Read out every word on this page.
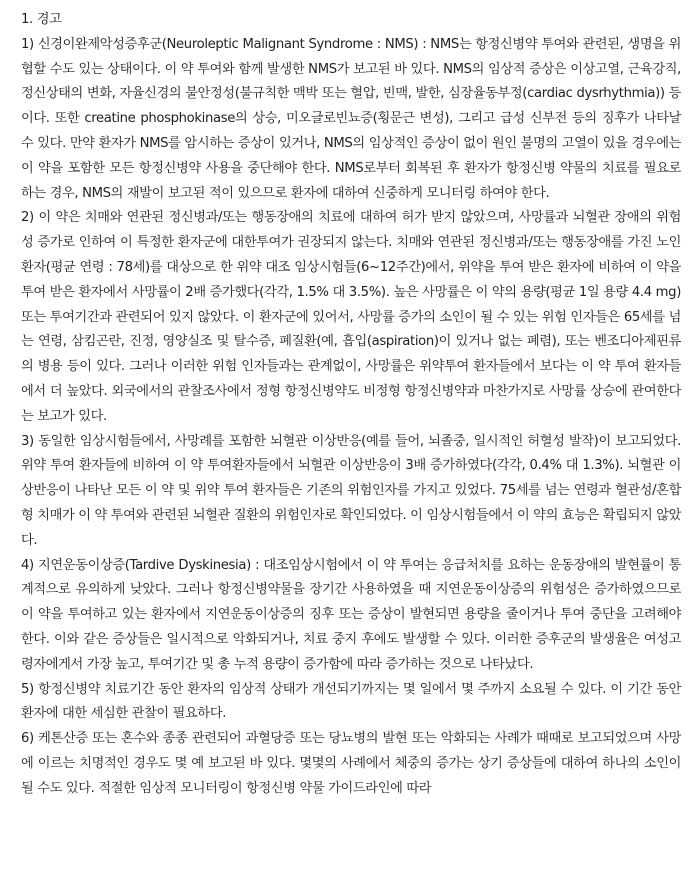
1. 경고

1) 신경이완제악성증후군(Neuroleptic Malignant Syndrome : NMS) : NMS는 항정신병약 투여와 관련된, 생명을 위협할 수도 있는 상태이다. 이 약 투여와 함께 발생한 NMS가 보고된 바 있다. NMS의 임상적 증상은 이상고열, 근육강직, 정신상태의 변화, 자율신경의 불안정성(불규칙한 맥박 또는 혈압, 빈맥, 발한, 심장율동부정(cardiac dysrhythmia)) 등이다. 또한 creatine phosphokinase의 상승, 미오글로빈뇨증(횡문근 변성), 그리고 급성 신부전 등의 징후가 나타날 수 있다. 만약 환자가 NMS를 암시하는 증상이 있거나, NMS의 임상적인 증상이 없이 원인 불명의 고열이 있을 경우에는 이 약을 포함한 모든 항정신병약 사용을 중단해야 한다. NMS로부터 회복된 후 환자가 항정신병 약물의 치료를 필요로 하는 경우, NMS의 재발이 보고된 적이 있으므로 환자에 대하여 신중하게 모니터링 하여야 한다.

2) 이 약은 치매와 연관된 정신병과/또는 행동장애의 치료에 대하여 허가 받지 않았으며, 사망률과 뇌혈관 장애의 위험성 증가로 인하여 이 특정한 환자군에 대한투여가 권장되지 않는다. 치매와 연관된 정신병과/또는 행동장애를 가진 노인 환자(평균 연령 : 78세)를 대상으로 한 위약 대조 임상시험들(6~12주간)에서, 위약을 투여 받은 환자에 비하여 이 약을 투여 받은 환자에서 사망률이 2배 증가했다(각각, 1.5% 대 3.5%). 높은 사망률은 이 약의 용량(평균 1일 용량 4.4 mg) 또는 투여기간과 관련되어 있지 않았다. 이 환자군에 있어서, 사망률 증가의 소인이 될 수 있는 위험 인자들은 65세를 넘는 연령, 삼킴곤란, 진정, 영양실조 및 탈수증, 폐질환(예, 흡입(aspiration)이 있거나 없는 폐렴), 또는 벤조디아제핀류의 병용 등이 있다. 그러나 이러한 위험 인자들과는 관계없이, 사망률은 위약투여 환자들에서 보다는 이 약 투여 환자들에서 더 높았다. 외국에서의 관찰조사에서 정형 항정신병약도 비정형 항정신병약과 마찬가지로 사망률 상승에 관여한다는 보고가 있다.

3) 동일한 임상시험들에서, 사망례를 포함한 뇌혈관 이상반응(예를 들어, 뇌졸중, 일시적인 허혈성 발작)이 보고되었다. 위약 투여 환자들에 비하여 이 약 투여환자들에서 뇌혈관 이상반응이 3배 증가하였다(각각, 0.4% 대 1.3%). 뇌혈관 이상반응이 나타난 모든 이 약 및 위약 투여 환자들은 기존의 위험인자를 가지고 있었다. 75세를 넘는 연령과 혈관성/혼합형 치매가 이 약 투여와 관련된 뇌혈관 질환의 위험인자로 확인되었다. 이 임상시험들에서 이 약의 효능은 확립되지 않았다.

4) 지연운동이상증(Tardive Dyskinesia) : 대조임상시험에서 이 약 투여는 응급처치를 요하는 운동장애의 발현률이 통계적으로 유의하게 낮았다. 그러나 항정신병약물을 장기간 사용하였을 때 지연운동이상증의 위험성은 증가하였으므로 이 약을 투여하고 있는 환자에서 지연운동이상증의 징후 또는 증상이 발현되면 용량을 줄이거나 투여 중단을 고려해야 한다. 이와 같은 증상들은 일시적으로 악화되거나, 치료 중지 후에도 발생할 수 있다. 이러한 증후군의 발생율은 여성고령자에게서 가장 높고, 투여기간 및 총 누적 용량이 증가함에 따라 증가하는 것으로 나타났다.

5) 항정신병약 치료기간 동안 환자의 임상적 상태가 개선되기까지는 몇 일에서 몇 주까지 소요될 수 있다. 이 기간 동안 환자에 대한 세심한 관찰이 필요하다.

6) 케톤산증 또는 혼수와 종종 관련되어 과혈당증 또는 당뇨병의 발현 또는 악화되는 사례가 때때로 보고되었으며 사망에 이르는 치명적인 경우도 몇 예 보고된 바 있다. 몇몇의 사례에서 체중의 증가는 상기 증상들에 대하여 하나의 소인이 될 수도 있다. 적절한 임상적 모니터링이 항정신병 약물 가이드라인에 따라
